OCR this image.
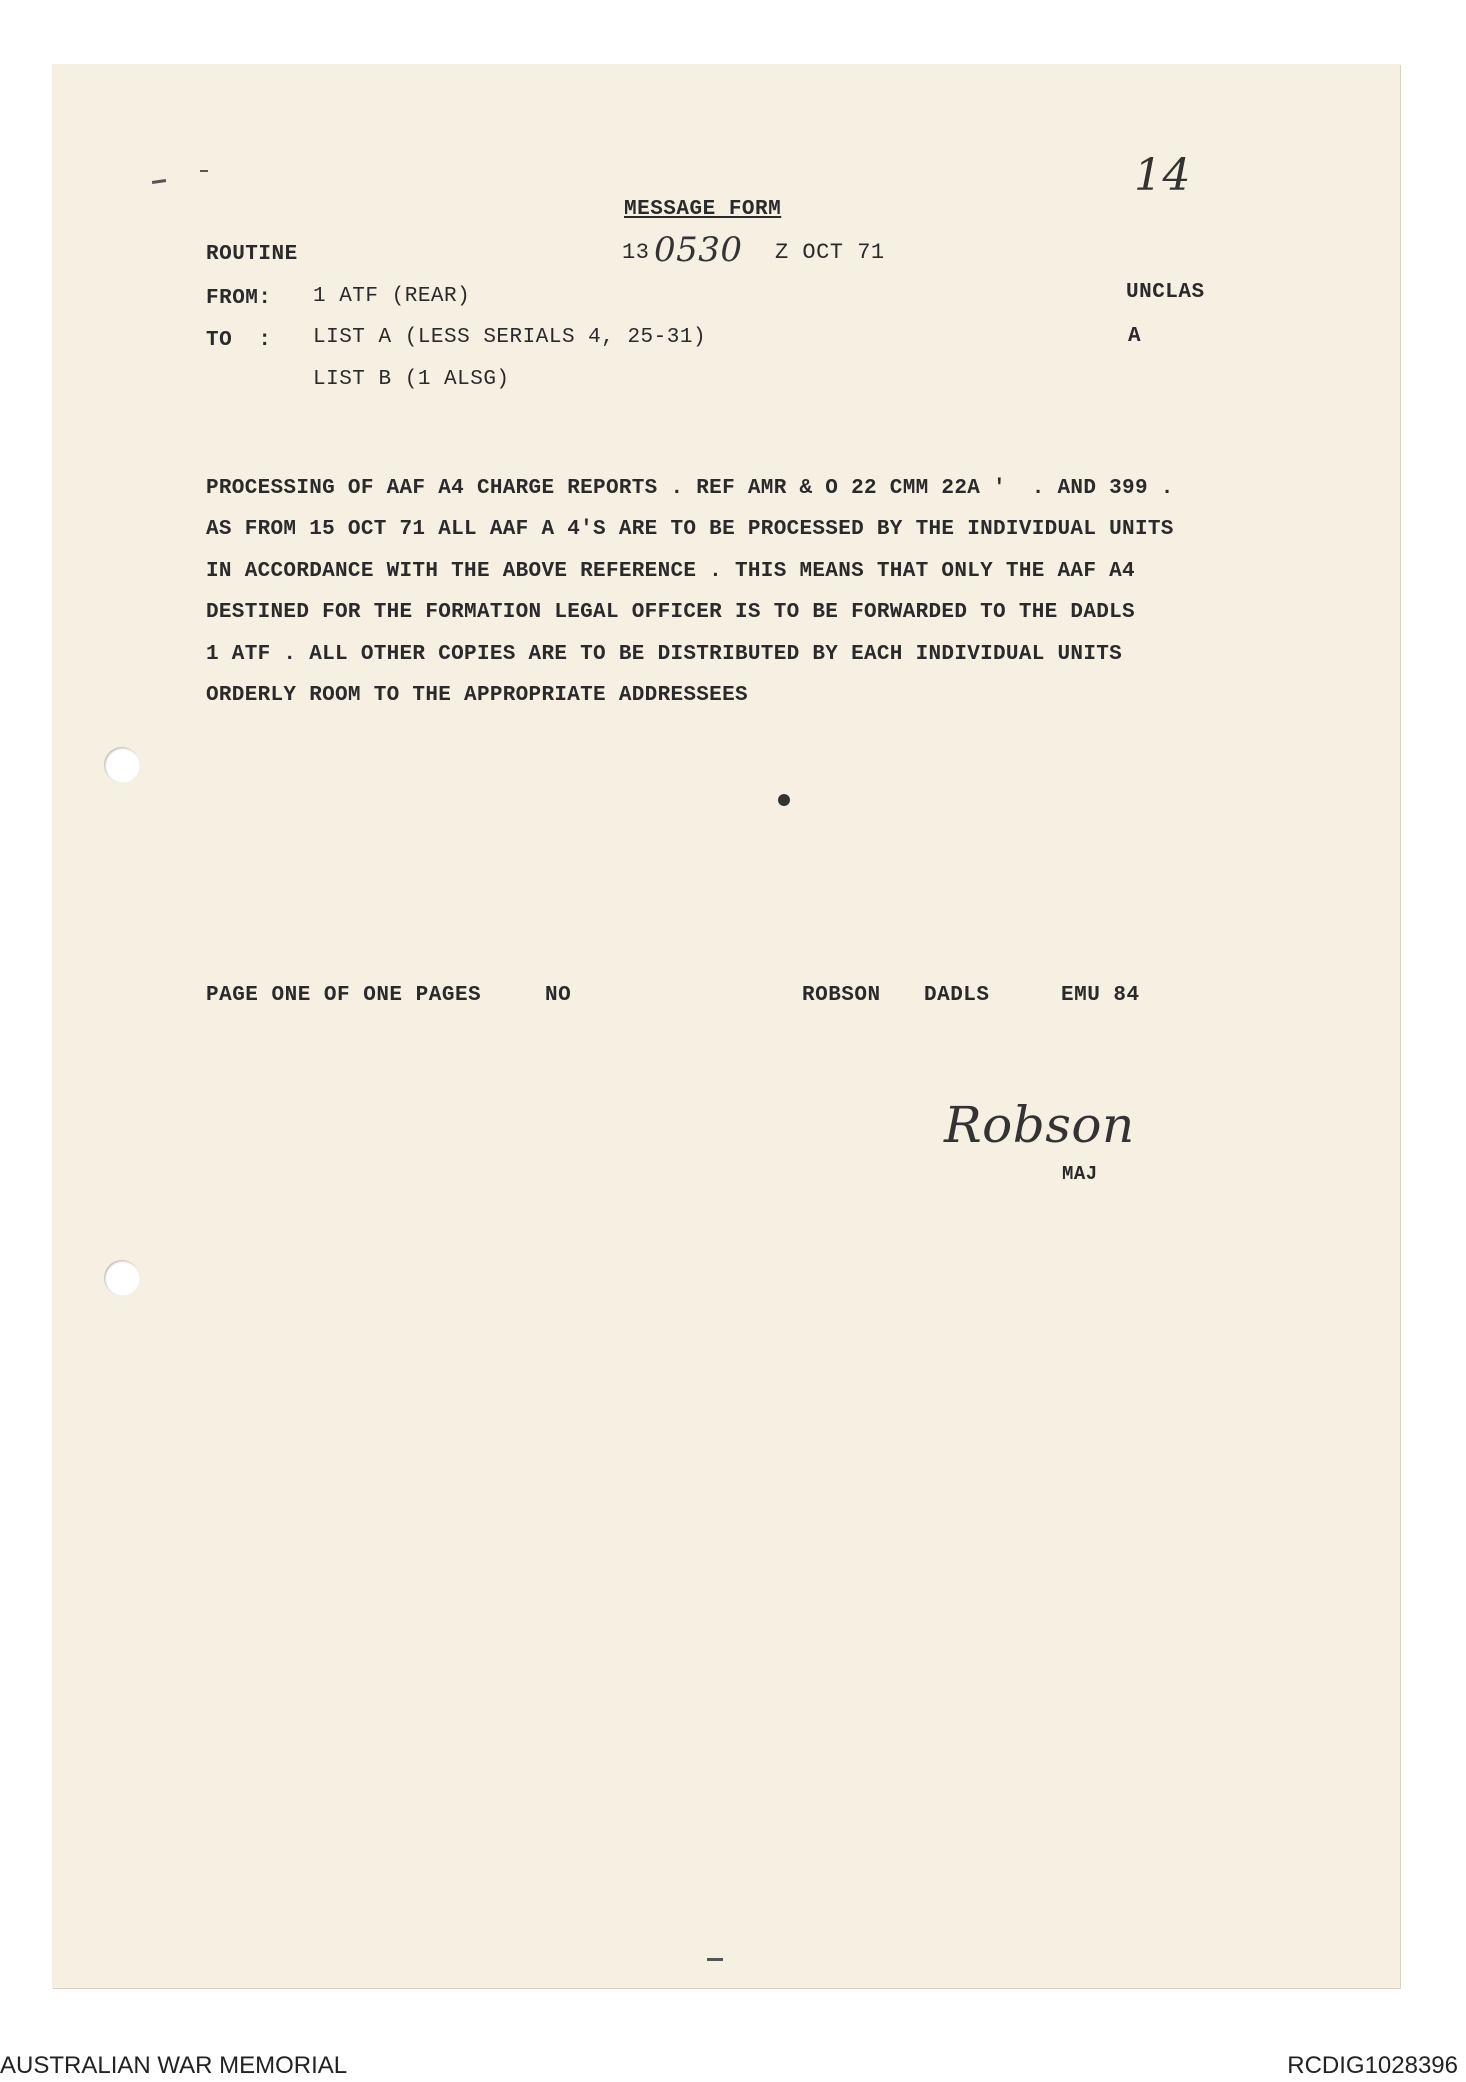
14
MESSAGE FORM
ROUTINE	13 0530 Z OCT 71
FROM: 1 ATF (REAR)	UNCLAS
TO  : LIST A (LESS SERIALS 4, 25-31)	A
LIST B (1 ALSG)
PROCESSING OF AAF A4 CHARGE REPORTS . REF AMR & O 22 CMM 22A '  . AND 399 .
AS FROM 15 OCT 71 ALL AAF A 4'S ARE TO BE PROCESSED BY THE INDIVIDUAL UNITS
IN ACCORDANCE WITH THE ABOVE REFERENCE . THIS MEANS THAT ONLY THE AAF A4
DESTINED FOR THE FORMATION LEGAL OFFICER IS TO BE FORWARDED TO THE DADLS
1 ATF . ALL OTHER COPIES ARE TO BE DISTRIBUTED BY EACH INDIVIDUAL UNITS
ORDERLY ROOM TO THE APPROPRIATE ADDRESSEES
PAGE ONE OF ONE PAGES	NO	ROBSON DADLS	EMU 84
Robson
MAJ
AUSTRALIAN WAR MEMORIAL	RCDIG1028396
